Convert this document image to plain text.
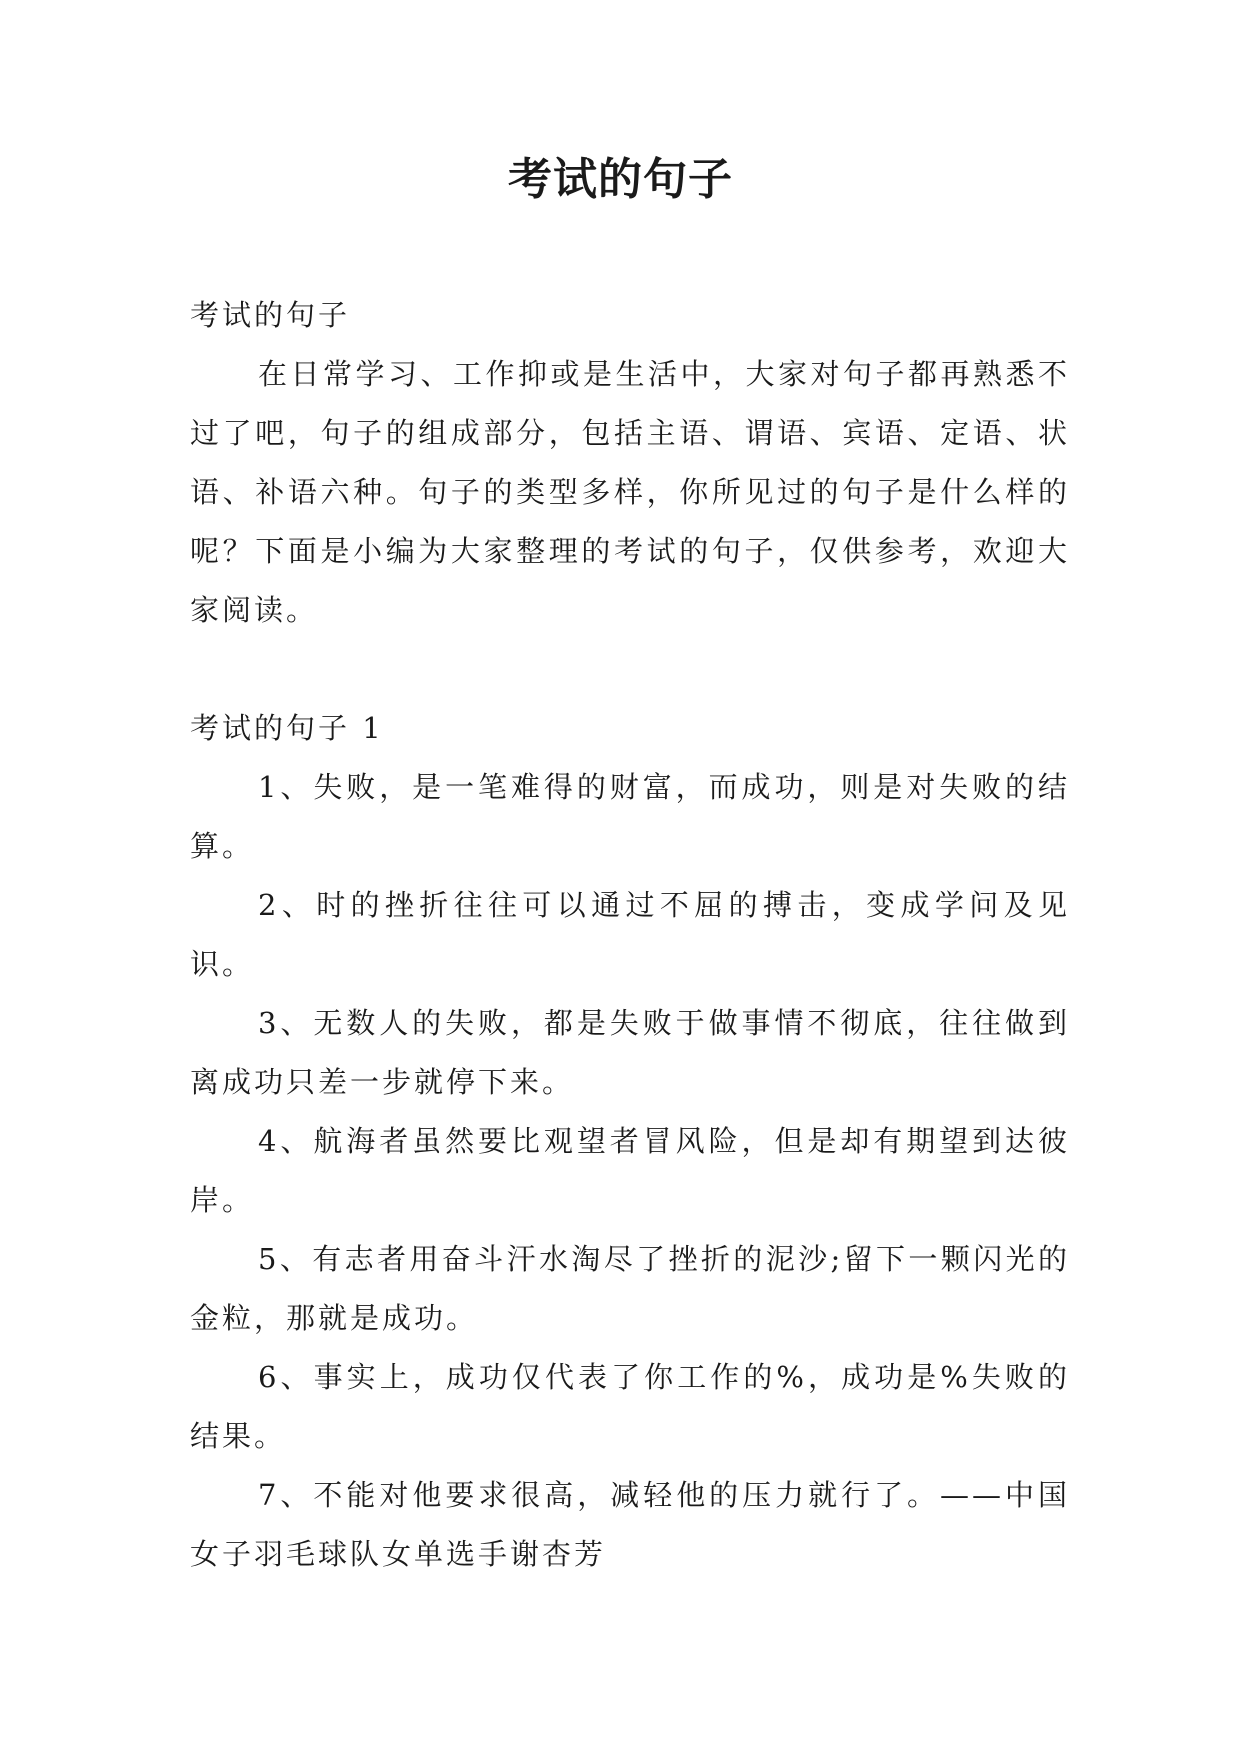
考试的句子

考试的句子

在日常学习、工作抑或是生活中，大家对句子都再熟悉不过了吧，句子的组成部分，包括主语、谓语、宾语、定语、状语、补语六种。句子的类型多样，你所见过的句子是什么样的呢？下面是小编为大家整理的考试的句子，仅供参考，欢迎大家阅读。

考试的句子 1

1、失败，是一笔难得的财富，而成功，则是对失败的结算。

2、时的挫折往往可以通过不屈的搏击，变成学问及见识。

3、无数人的失败，都是失败于做事情不彻底，往往做到离成功只差一步就停下来。

4、航海者虽然要比观望者冒风险，但是却有期望到达彼岸。

5、有志者用奋斗汗水淘尽了挫折的泥沙;留下一颗闪光的金粒，那就是成功。

6、事实上，成功仅代表了你工作的%，成功是%失败的结果。

7、不能对他要求很高，减轻他的压力就行了。——中国女子羽毛球队女单选手谢杏芳
